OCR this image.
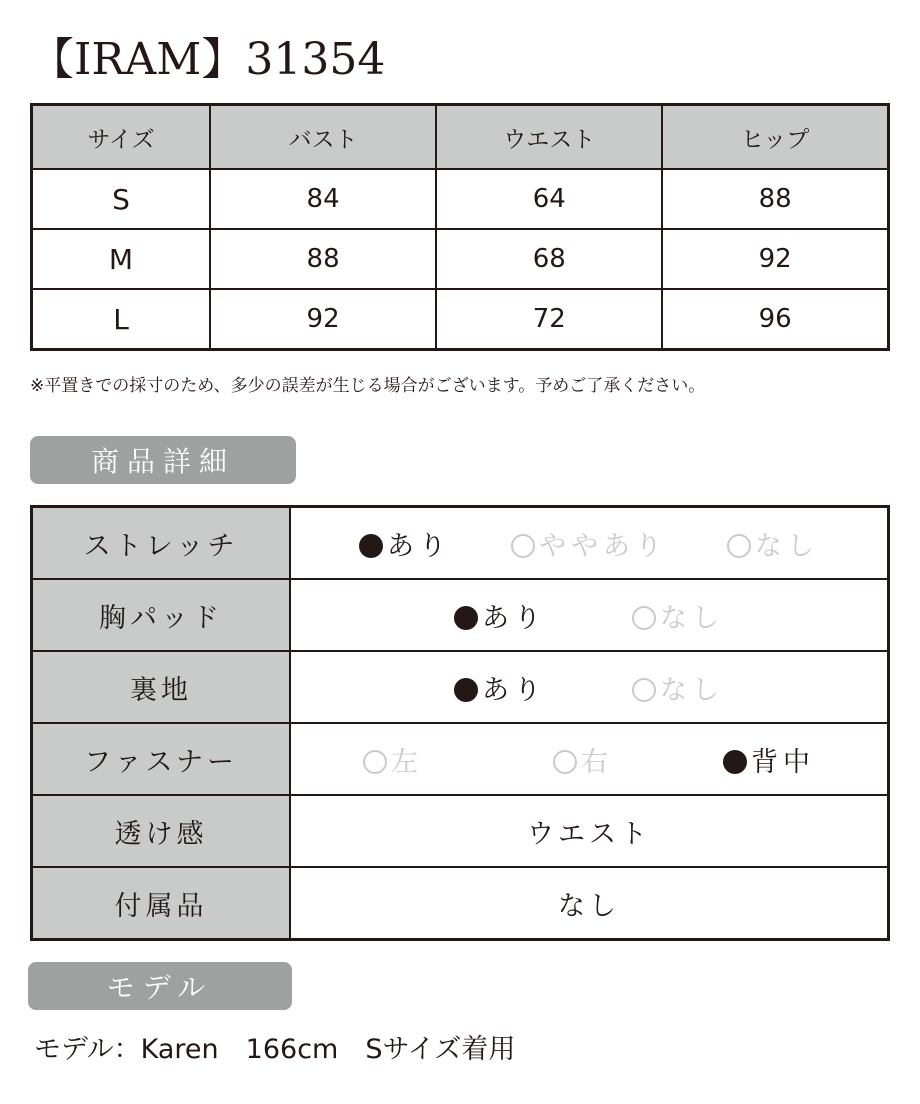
【IRAM】31354
サイズ	バスト	ウエスト	ヒップ
S	84	64	88
M	88	68	92
L	92	72	96
※平置きでの採寸のため、多少の誤差が生じる場合がございます。予めご了承ください。
商品詳細
ストレッチ	あり ややあり なし

胸パッド	あり なし

裏地	あり なし

ファスナー	左 右 背中

透け感	ウエスト
付属品	なし
モデル
モデル：Karen　166cm　Sサイズ着用
